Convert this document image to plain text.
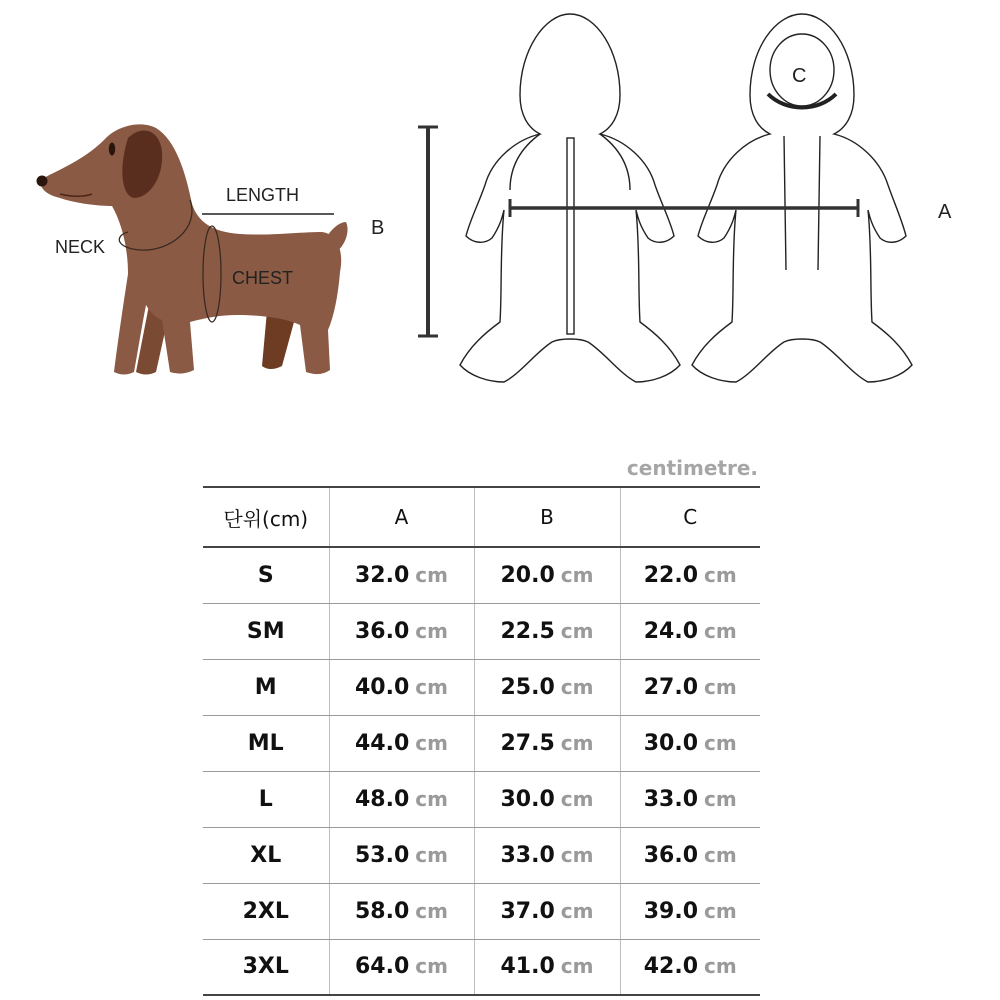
LENGTH
NECK
CHEST
B
C
A
centimetre.
단위(cm)	A	B	C
S	32.0 cm	20.0 cm	22.0 cm
SM	36.0 cm	22.5 cm	24.0 cm
M	40.0 cm	25.0 cm	27.0 cm
ML	44.0 cm	27.5 cm	30.0 cm
L	48.0 cm	30.0 cm	33.0 cm
XL	53.0 cm	33.0 cm	36.0 cm
2XL	58.0 cm	37.0 cm	39.0 cm
3XL	64.0 cm	41.0 cm	42.0 cm
